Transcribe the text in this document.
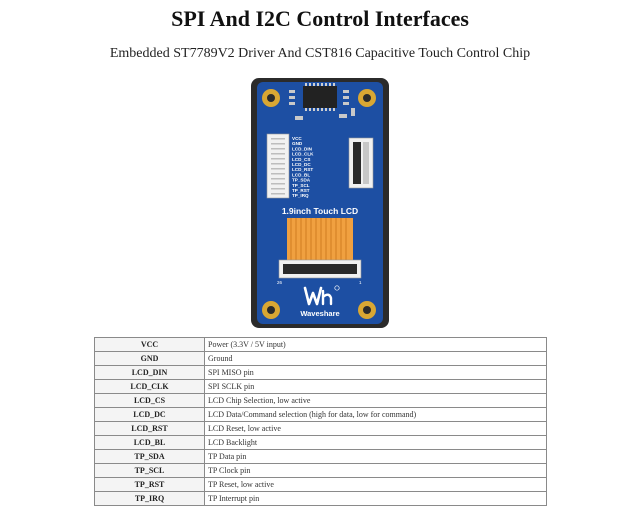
SPI And I2C Control Interfaces
Embedded ST7789V2 Driver And CST816 Capacitive Touch Control Chip
VCC
GND
LCD_DIN
LCD_CLK
LCD_CS
LCD_DC
LCD_RST
LCD_BL
TP_SDA
TP_SCL
TP_RST
TP_IRQ
1.9inch Touch LCD
26	1
Waveshare
VCC	Power (3.3V / 5V input)
GND	Ground
LCD_DIN	SPI MISO pin
LCD_CLK	SPI SCLK pin
LCD_CS	LCD Chip Selection, low active
LCD_DC	LCD Data/Command selection (high for data, low for command)
LCD_RST	LCD Reset, low active
LCD_BL	LCD Backlight
TP_SDA	TP Data pin
TP_SCL	TP Clock pin
TP_RST	TP Reset, low active
TP_IRQ	TP Interrupt pin
